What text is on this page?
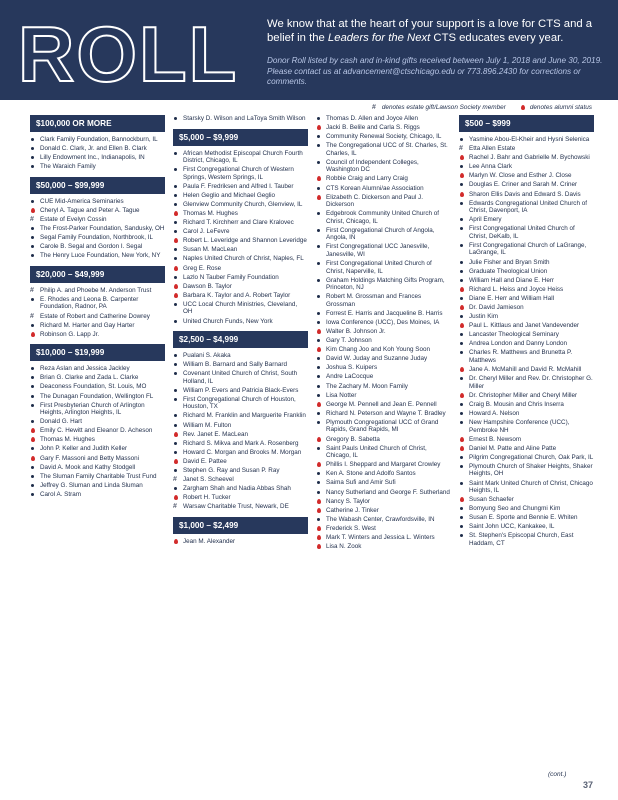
ROLL	We know that at the heart of your support is a love for CTS and a belief in the Leaders for the Next CTS educates every year.
Donor Roll listed by cash and in-kind gifts received between July 1, 2018 and June 30, 2019. Please contact us at advancement@ctschicago.edu or 773.896.2430 for corrections or comments.
#
denotes estate gift/Lawson Society member	denotes alumni status
$100,000 OR MORE
Clark Family Foundation, Bannockburn, IL
Donald C. Clark, Jr. and Ellen B. Clark
Lilly Endowment Inc., Indianapolis, IN
The Waraich Family
$50,000 – $99,999
CUE Mid-America Seminaries
Cheryl A. Tague and Peter A. Tague
#
Estate of Evelyn Cossin
The Frost-Parker Foundation, Sandusky, OH
Segal Family Foundation, Northbrook, IL
Carole B. Segal and Gordon I. Segal
The Henry Luce Foundation, New York, NY
$20,000 – $49,999
#
Philip A. and Phoebe M. Anderson Trust
E. Rhodes and Leona B. Carpenter Foundation, Radnor, PA
#
Estate of Robert and Catherine Dowrey
Richard M. Harter and Gay Harter
Robinson G. Lapp Jr.
$10,000 – $19,999
Reza Aslan and Jessica Jackley
Brian G. Clarke and Zada L. Clarke
Deaconess Foundation, St. Louis, MO
The Dunagan Foundation, Wellington FL
First Presbyterian Church of Arlington Heights, Arlington Heights, IL
Donald G. Hart
Emily C. Hewitt and Eleanor D. Acheson
Thomas M. Hughes
John P. Keller and Judith Keller
Gary F. Massoni and Betty Massoni
David A. Mook and Kathy Stodgell
The Sluman Family Charitable Trust Fund
Jeffrey G. Sluman and Linda Sluman
Carol A. Stram
Starsky D. Wilson and LaToya Smith Wilson
$5,000 – $9,999
African Methodist Episcopal Church Fourth District, Chicago, IL
First Congregational Church of Western Springs, Western Springs, IL
Paula F. Fredriksen and Alfred I. Tauber
Helen Geglio and Michael Geglio
Glenview Community Church, Glenview, IL
Thomas M. Hughes
Richard T. Kirchherr and Clare Kralovec
Carol J. LeFevre
Robert L. Leveridge and Shannon Leveridge
Susan M. MacLean
Naples United Church of Christ, Naples, FL
Greg E. Rose
Lazlo N Tauber Family Foundation
Dawson B. Taylor
Barbara K. Taylor and A. Robert Taylor
UCC Local Church Ministries, Cleveland, OH
United Church Funds, New York
$2,500 – $4,999
Pualani S. Akaka
William B. Barnard and Sally Barnard
Covenant United Church of Christ, South Holland, IL
William P. Evers and Patricia Black-Evers
First Congregational Church of Houston, Houston, TX
Richard M. Franklin and Marguerite Franklin
William M. Fulton
Rev. Janet E. MacLean
Richard S. Mikva and Mark A. Rosenberg
Howard C. Morgan and Brooks M. Morgan
David E. Pattee
Stephen G. Ray and Susan P. Ray
#
Janet S. Scheevel
Zargham Shah and Nadia Abbas Shah
Robert H. Tucker
#
Warsaw Charitable Trust, Newark, DE
$1,000 – $2,499
Jean M. Alexander
Thomas D. Allen and Joyce Allen
Jacki B. Belile and Carla S. Riggs
Community Renewal Society, Chicago, IL
The Congregational UCC of St. Charles, St. Charles, IL
Council of Independent Colleges, Washington DC
Robbie Craig and Larry Craig
CTS Korean Alumni/ae Association
Elizabeth C. Dickerson and Paul J. Dickerson
Edgebrook Community United Church of Christ, Chicago, IL
First Congregational Church of Angola, Angola, IN
First Congregational UCC Janesville, Janesville, WI
First Congregational United Church of Christ, Naperville, IL
Graham Holdings Matching Gifts Program, Princeton, NJ
Robert M. Grossman and Frances Grossman
Forrest E. Harris and Jacqueline B. Harris
Iowa Conference (UCC), Des Moines, IA
Walter B. Johnson Jr.
Gary T. Johnson
Kim Chang Joo and Koh Young Soon
David W. Juday and Suzanne Juday
Joshua S. Kuipers
Andre LaCocque
The Zachary M. Moon Family
Lisa Notter
George M. Pennell and Jean E. Pennell
Richard N. Peterson and Wayne T. Bradley
Plymouth Congregational UCC of Grand Rapids, Grand Rapids, MI
Gregory B. Sabetta
Saint Pauls United Church of Christ, Chicago, IL
Phillis I. Sheppard and Margaret Crowley
Ken A. Stone and Adolfo Santos
Saima Sufi and Amir Sufi
Nancy Sutherland and George F. Sutherland
Nancy S. Taylor
Catherine J. Tinker
The Wabash Center, Crawfordsville, IN
Frederick S. West
Mark T. Winters and Jessica L. Winters
Lisa N. Zook
$500 – $999
Yasmine Abou-El-Kheir and Hysni Selenica
#
Etta Allen Estate
Rachel J. Bahr and Gabrielle M. Bychowski
Lee Anna Clark
Marlyn W. Close and Esther J. Close
Douglas E. Criner and Sarah M. Criner
Sharon Ellis Davis and Edward S. Davis
Edwards Congregational United Church of Christ, Davenport, IA
April Emery
First Congregational United Church of Christ, DeKalb, IL
First Congregational Church of LaGrange, LaGrange, IL
Julie Fisher and Bryan Smith
Graduate Theological Union
William Hall and Diane E. Herr
Richard L. Heiss and Joyce Heiss
Diane E. Herr and William Hall
Dr. David Jamieson
Justin Kim
Paul L. Kittlaus and Janet Vandevender
Lancaster Theological Seminary
Andrea London and Danny London
Charles R. Matthews and Brunetta P. Matthews
Jane A. McMahill and David R. McMahill
Dr. Cheryl Miller and Rev. Dr. Christopher G. Miller
Dr. Christopher Miller and Cheryl Miller
Craig B. Mousin and Chris Inserra
Howard A. Nelson
New Hampshire Conference (UCC), Pembroke NH
Ernest B. Newsom
Daniel M. Patte and Aline Patte
Pilgrim Congregational Church, Oak Park, IL
Plymouth Church of Shaker Heights, Shaker Heights, OH
Saint Mark United Church of Christ, Chicago Heights, IL
Susan Schaefer
Bomyung Seo and Chungmi Kim
Susan E. Sporte and Bennie E. Whiten
Saint John UCC, Kankakee, IL
St. Stephen's Episcopal Church, East Haddam, CT
(cont.)
37
